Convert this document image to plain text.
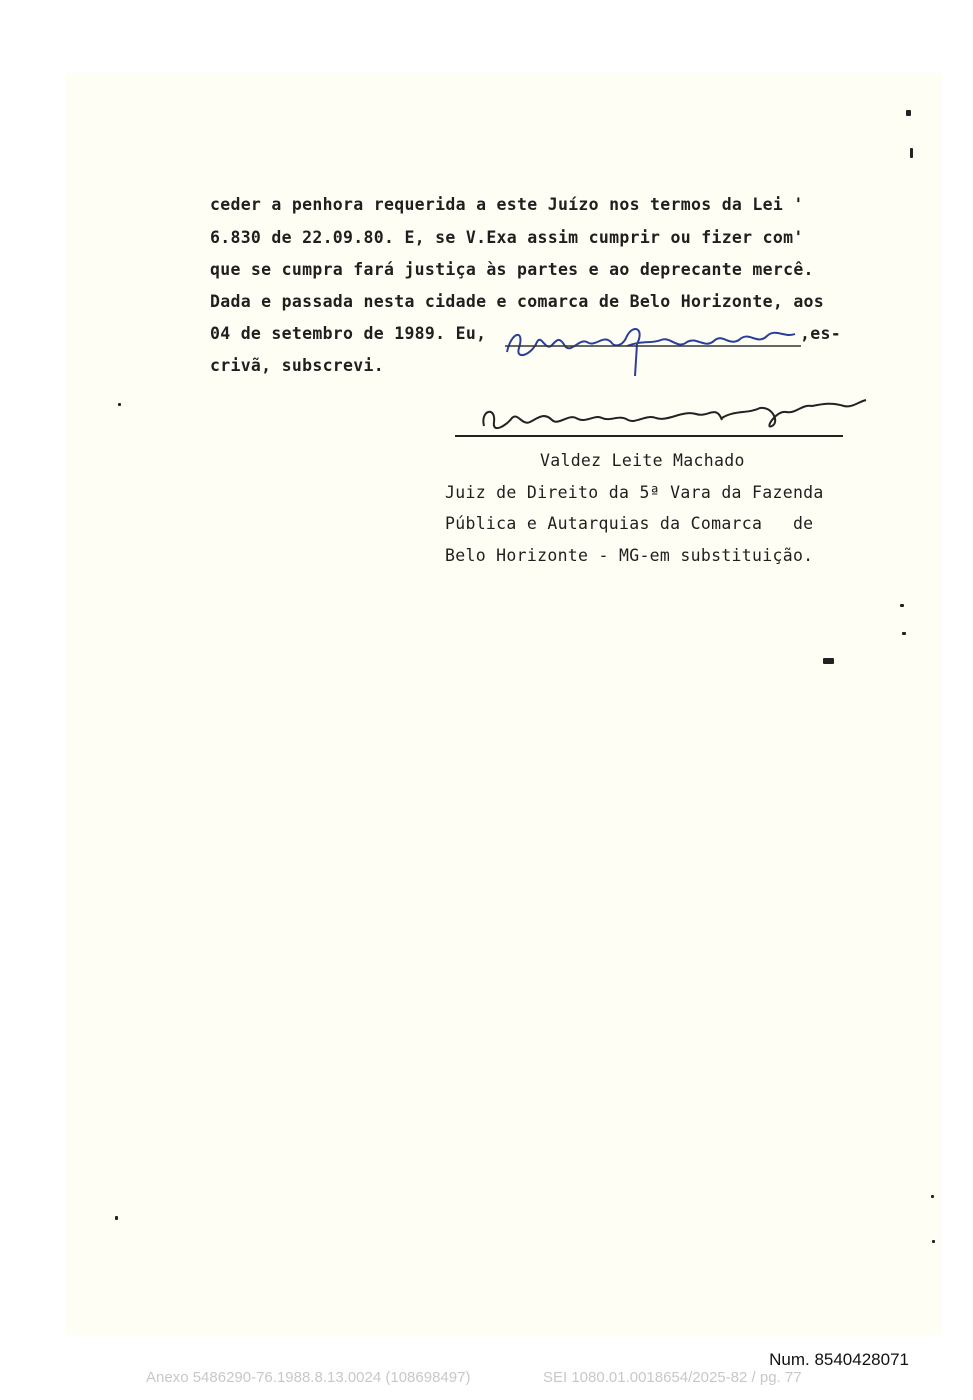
ceder a penhora requerida a este Juízo nos termos da Lei '
6.830 de 22.09.80. E, se V.Exa assim cumprir ou fizer com'
que se cumpra fará justiça às partes e ao deprecante mercê.
Dada e passada nesta cidade e comarca de Belo Horizonte, aos
04 de setembro de 1989. Eu,	,es-
crivã, subscrevi.
Valdez Leite Machado
Juiz de Direito da 5ª Vara da Fazenda
Pública e Autarquias da Comarca   de
Belo Horizonte - MG-em substituição.
Num. 8540428071
Anexo 5486290-76.1988.8.13.0024 (108698497)	SEI 1080.01.0018654/2025-82 / pg. 77
